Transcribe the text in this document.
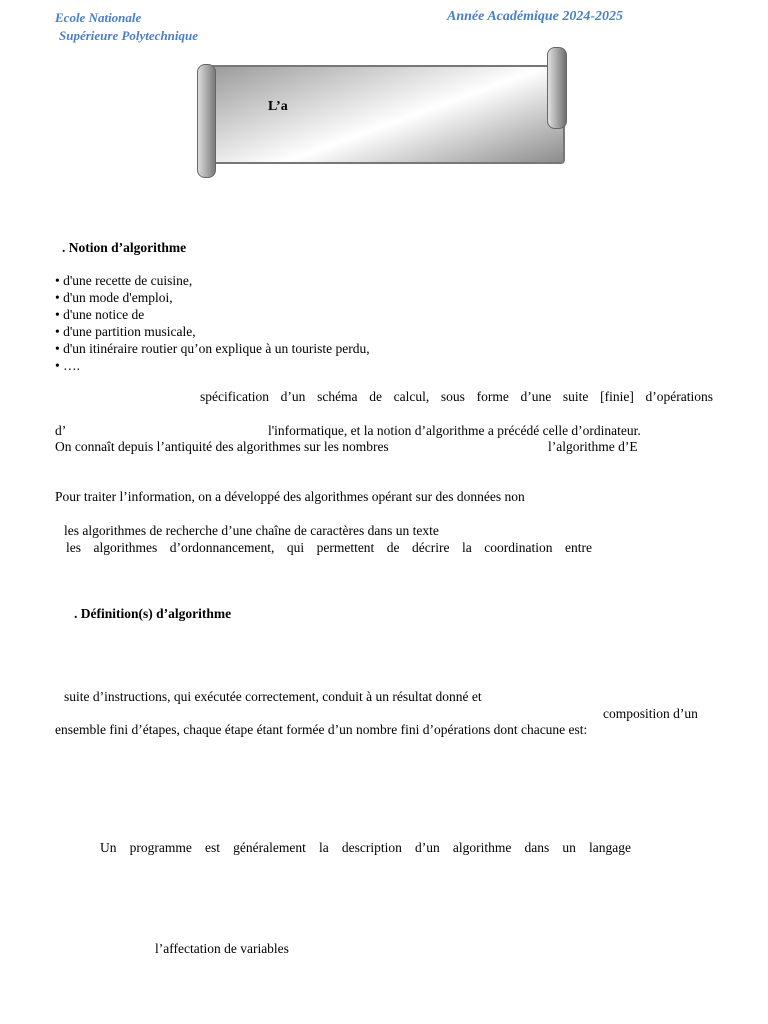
Ecole Nationale
Supérieure Polytechnique
Année Académique 2024-2025
L’a
. Notion d’algorithme
• d'une recette de cuisine,
• d'un mode d'emploi,
• d'une notice de
• d'une partition musicale,
• d'un itinéraire routier qu’on explique à un touriste perdu,
• ….
spécification d’un schéma de calcul, sous forme d’une suite [finie] d’opérations
d’	l'informatique, et la notion d’algorithme a précédé celle d’ordinateur.
On connaît depuis l’antiquité des algorithmes sur les nombres	l’algorithme d’E
Pour traiter l’information, on a développé des algorithmes opérant sur des données non
les algorithmes de recherche d’une chaîne de caractères dans un texte
les algorithmes d’ordonnancement, qui permettent de décrire la coordination entre
. Définition(s) d’algorithme
suite d’instructions, qui exécutée correctement, conduit à un résultat donné et
composition d’un
ensemble fini d’étapes, chaque étape étant formée d’un nombre fini d’opérations dont chacune est:
Un programme est généralement la description d’un algorithme dans un langage
l’affectation de variables
